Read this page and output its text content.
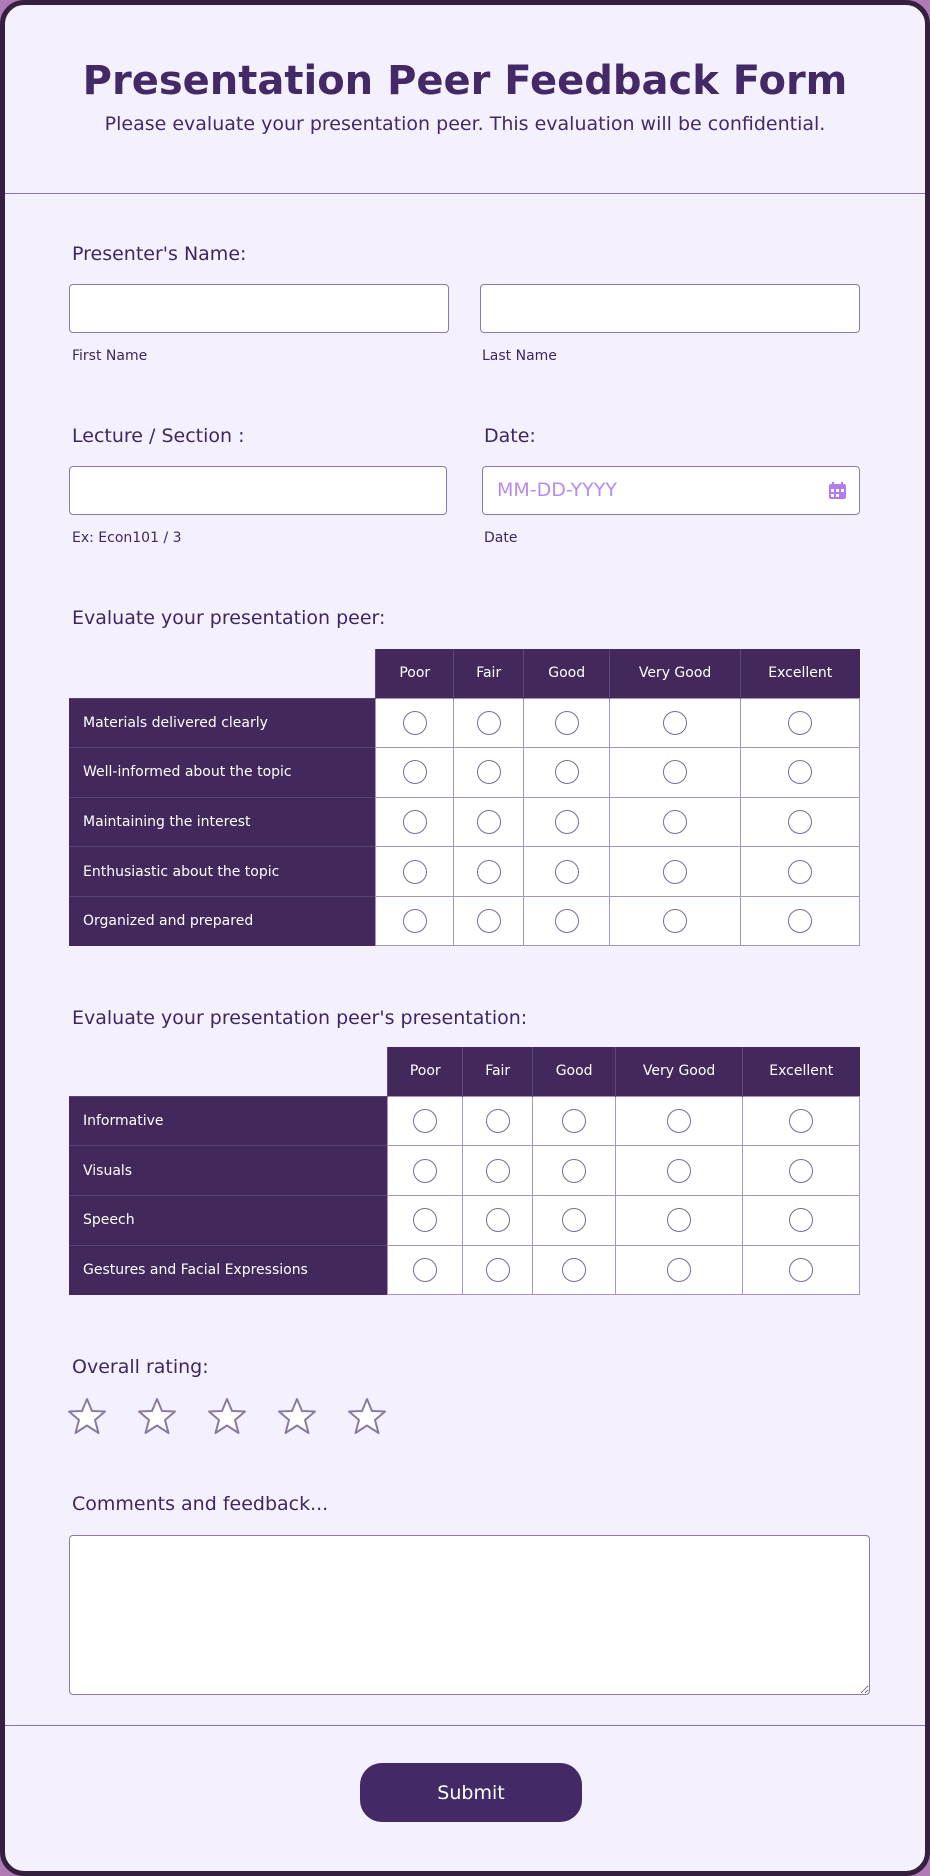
Presentation Peer Feedback Form
Please evaluate your presentation peer. This evaluation will be confidential.
Presenter's Name:
First Name	Last Name
Lecture / Section :
Ex: Econ101 / 3
Date:
MM-DD-YYYY
Date
Evaluate your presentation peer:
	Poor	Fair	Good	Very Good	Excellent
Materials delivered clearly					
Well-informed about the topic					
Maintaining the interest					
Enthusiastic about the topic					
Organized and prepared					
Evaluate your presentation peer's presentation:
	Poor	Fair	Good	Very Good	Excellent
Informative					
Visuals					
Speech					
Gestures and Facial Expressions					
Overall rating:
Comments and feedback...
Submit
